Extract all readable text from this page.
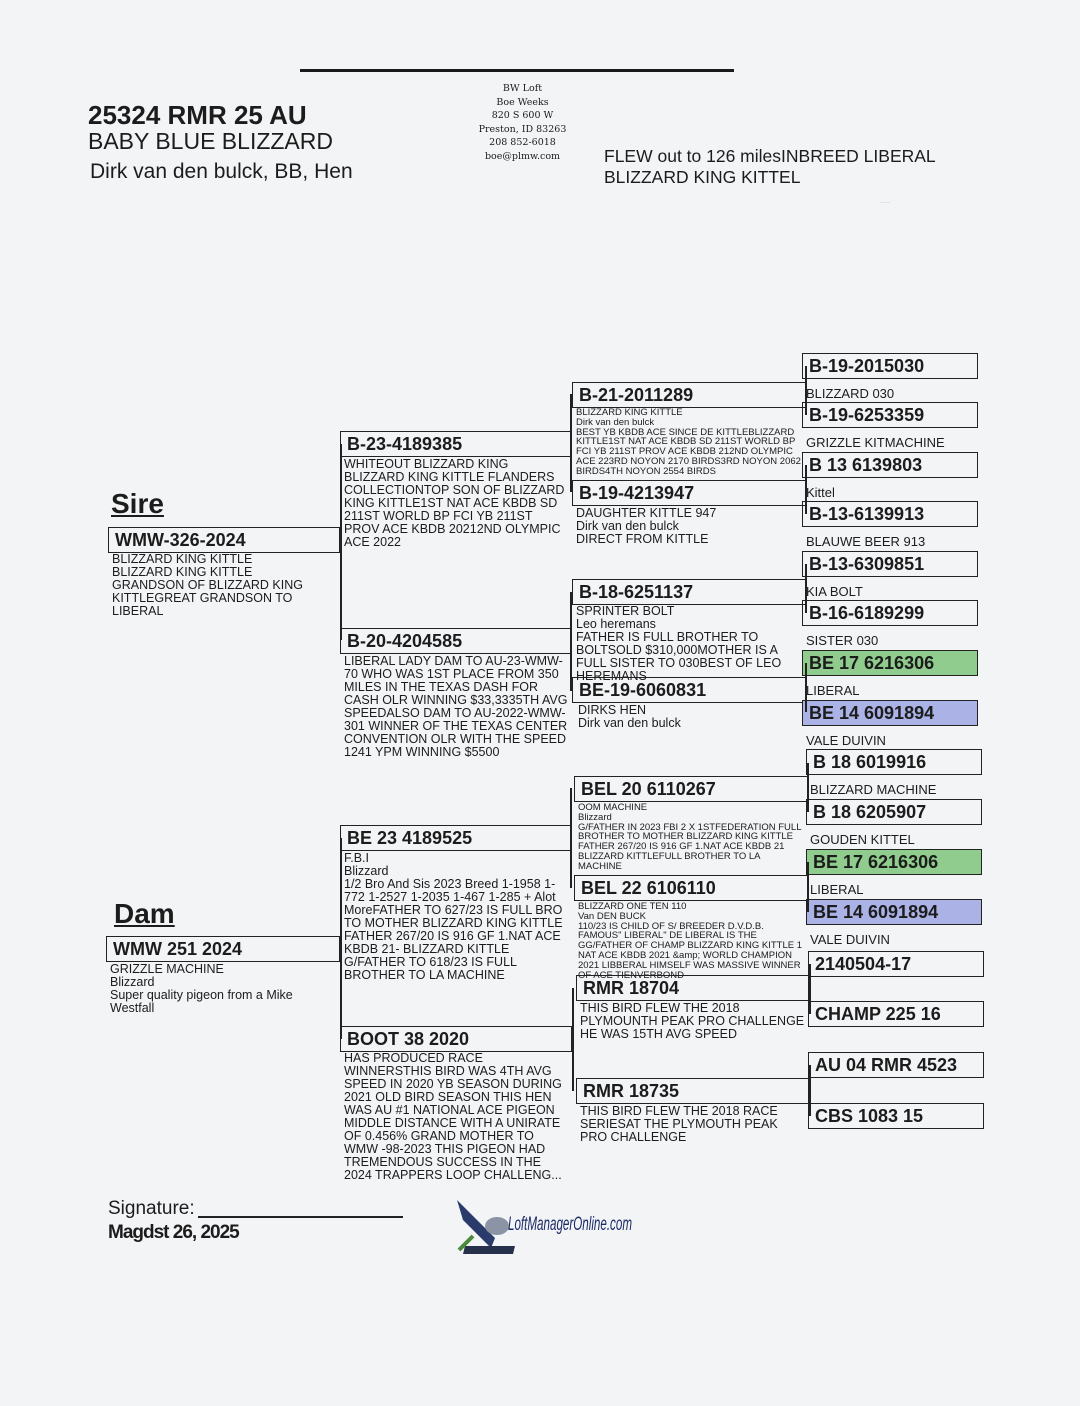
25324 RMR 25 AU
BABY BLUE BLIZZARD
Dirk van den bulck, BB, Hen
BW Loft
Boe Weeks
820 S 600 W
Preston, ID 83263
208 852-6018
boe@plmw.com	FLEW out to 126 milesINBREED LIBERAL BLIZZARD KING KITTEL
·····
Sire
WMW-326-2024
BLIZZARD KING KITTLE
BLIZZARD KING KITTLE
GRANDSON OF BLIZZARD KING KITTLEGREAT GRANDSON TO LIBERAL
Dam
WMW 251 2024
GRIZZLE MACHINE
Blizzard
Super quality pigeon from a Mike Westfall
B-23-4189385
WHITEOUT BLIZZARD KING BLIZZARD KING KITTLE FLANDERS COLLECTIONTOP SON OF BLIZZARD KING KITTLE1ST NAT ACE KBDB SD 211ST WORLD BP FCI YB 211ST PROV ACE KBDB 20212ND OLYMPIC ACE 2022
B-20-4204585
LIBERAL LADY DAM TO AU-23-WMW-70 WHO WAS 1ST PLACE FROM 350 MILES IN THE TEXAS DASH FOR CASH OLR WINNING $33,3335TH AVG SPEEDALSO DAM TO AU-2022-WMW-301 WINNER OF THE TEXAS CENTER CONVENTION OLR WITH THE SPEED 1241 YPM WINNING $5500
BE 23 4189525
F.B.I
Blizzard
1/2 Bro And Sis 2023 Breed 1-1958 1-772 1-2527 1-2035 1-467 1-285 + Alot MoreFATHER TO 627/23 IS FULL BRO TO MOTHER BLIZZARD KING KITTLE FATHER 267/20 IS 916 GF 1.NAT ACE KBDB 21- BLIZZARD KITTLE G/FATHER TO 618/23 IS FULL BROTHER TO LA MACHINE
BOOT 38 2020
HAS PRODUCED RACE WINNERSTHIS BIRD WAS 4TH AVG SPEED IN 2020 YB SEASON DURING 2021 OLD BIRD SEASON THIS HEN WAS AU #1 NATIONAL ACE PIGEON MIDDLE DISTANCE WITH A UNIRATE OF 0.456% GRAND MOTHER TO WMW -98-2023 THIS PIGEON HAD TREMENDOUS SUCCESS IN THE 2024 TRAPPERS LOOP CHALLENG...
B-21-2011289
BLIZZARD KING KITTLE
Dirk van den bulck
BEST YB KBDB ACE SINCE DE KITTLEBLIZZARD KITTLE1ST NAT ACE KBDB SD 211ST WORLD BP FCI YB 211ST PROV ACE KBDB 212ND OLYMPIC ACE 223RD NOYON 2170 BIRDS3RD NOYON 2062 BIRDS4TH NOYON 2554 BIRDS
B-19-4213947
DAUGHTER KITTLE 947
Dirk van den bulck
DIRECT FROM KITTLE
B-18-6251137
SPRINTER BOLT
Leo heremans
FATHER IS FULL BROTHER TO BOLTSOLD $310,000MOTHER IS A FULL SISTER TO 030BEST OF LEO HEREMANS
BE-19-6060831
DIRKS HEN
Dirk van den bulck
BEL 20 6110267
OOM MACHINE
Blizzard
G/FATHER IN 2023 FBI 2 X 1STFEDERATION FULL BROTHER TO MOTHER BLIZZARD KING KITTLE FATHER 267/20 IS 916 GF 1.NAT ACE KBDB 21 BLIZZARD KITTLEFULL BROTHER TO LA MACHINE
BEL 22 6106110
BLIZZARD ONE TEN 110
Van DEN BUCK
110/23 IS CHILD OF S/ BREEDER D.V.D.B. FAMOUS" LIBERAL" DE LIBERAL IS THE GG/FATHER OF CHAMP BLIZZARD KING KITTLE 1 NAT ACE KBDB 2021 &amp; WORLD CHAMPION 2021 LIBBERAL HIMSELF WAS MASSIVE WINNER OF ACE TIENVERBOND
RMR 18704
THIS BIRD FLEW THE 2018 PLYMOUNTH PEAK PRO CHALLENGE HE WAS 15TH AVG SPEED
RMR 18735
THIS BIRD FLEW THE 2018 RACE SERIESAT THE PLYMOUTH PEAK PRO CHALLENGE
B-19-2015030
BLIZZARD 030
B-19-6253359
GRIZZLE KITMACHINE
B 13 6139803
Kittel
B-13-6139913
BLAUWE BEER 913
B-13-6309851
KIA BOLT
B-16-6189299
SISTER 030
BE 17 6216306
LIBERAL
BE 14 6091894
VALE DUIVIN
B 18 6019916
BLIZZARD MACHINE
B 18 6205907
GOUDEN KITTEL
BE 17 6216306
LIBERAL
BE 14 6091894
VALE DUIVIN
2140504-17
CHAMP 225 16
AU 04 RMR 4523
CBS 1083 15
Signature:
Magdst 26, 2025	LoftManagerOnline.com
